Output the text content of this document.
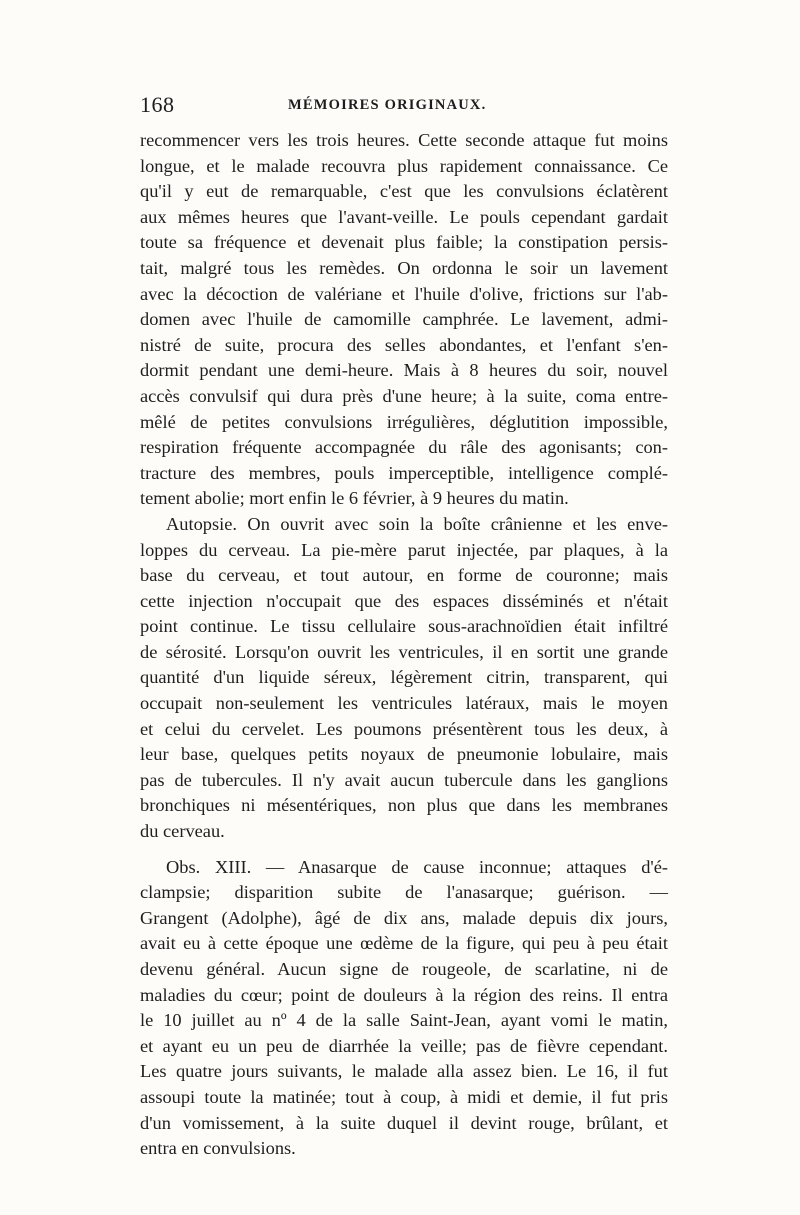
168	MÉMOIRES ORIGINAUX.
recommencer vers les trois heures. Cette seconde attaque fut moins
longue, et le malade recouvra plus rapidement connaissance. Ce
qu'il y eut de remarquable, c'est que les convulsions éclatèrent
aux mêmes heures que l'avant-veille. Le pouls cependant gardait
toute sa fréquence et devenait plus faible; la constipation persis-
tait, malgré tous les remèdes. On ordonna le soir un lavement
avec la décoction de valériane et l'huile d'olive, frictions sur l'ab-
domen avec l'huile de camomille camphrée. Le lavement, admi-
nistré de suite, procura des selles abondantes, et l'enfant s'en-
dormit pendant une demi-heure. Mais à 8 heures du soir, nouvel
accès convulsif qui dura près d'une heure; à la suite, coma entre-
mêlé de petites convulsions irrégulières, déglutition impossible,
respiration fréquente accompagnée du râle des agonisants; con-
tracture des membres, pouls imperceptible, intelligence complé-
tement abolie; mort enfin le 6 février, à 9 heures du matin.
Autopsie. On ouvrit avec soin la boîte crânienne et les enve-
loppes du cerveau. La pie-mère parut injectée, par plaques, à la
base du cerveau, et tout autour, en forme de couronne; mais
cette injection n'occupait que des espaces disséminés et n'était
point continue. Le tissu cellulaire sous-arachnoïdien était infiltré
de sérosité. Lorsqu'on ouvrit les ventricules, il en sortit une grande
quantité d'un liquide séreux, légèrement citrin, transparent, qui
occupait non-seulement les ventricules latéraux, mais le moyen
et celui du cervelet. Les poumons présentèrent tous les deux, à
leur base, quelques petits noyaux de pneumonie lobulaire, mais
pas de tubercules. Il n'y avait aucun tubercule dans les ganglions
bronchiques ni mésentériques, non plus que dans les membranes
du cerveau.
Obs. XIII. — Anasarque de cause inconnue; attaques d'é-
clampsie; disparition subite de l'anasarque; guérison. —
Grangent (Adolphe), âgé de dix ans, malade depuis dix jours,
avait eu à cette époque une œdème de la figure, qui peu à peu était
devenu général. Aucun signe de rougeole, de scarlatine, ni de
maladies du cœur; point de douleurs à la région des reins. Il entra
le 10 juillet au nº 4 de la salle Saint-Jean, ayant vomi le matin,
et ayant eu un peu de diarrhée la veille; pas de fièvre cependant.
Les quatre jours suivants, le malade alla assez bien. Le 16, il fut
assoupi toute la matinée; tout à coup, à midi et demie, il fut pris
d'un vomissement, à la suite duquel il devint rouge, brûlant, et
entra en convulsions.
